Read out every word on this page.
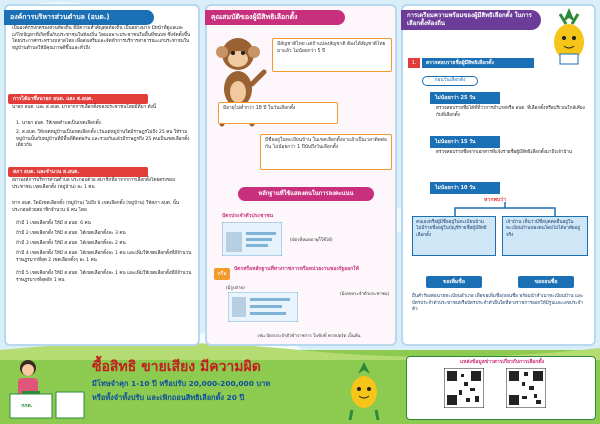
องค์การบริหารส่วนตำบล (อบต.)
เป็นองค์กรปกครองส่วนท้องถิ่น ที่มีความสำคัญต่อท้องถิ่น เป็นอย่างมาก มีหน้าที่ดูแลและแก้ไขปัญหาที่เกิดขึ้นกับประชาชนในท้องถิ่น โดยเฉพาะประชาชนในพื้นที่ชนบท ซึ่งจัดตั้งขึ้นโดยประกาศกระทรวงมหาดไทย เพื่อส่งเสริมและจัดทำการบริการสาธารณะแก่ประชาชนในหมู่บ้านตำบลให้มีคุณภาพดีขึ้นและทั่วถึง
การได้มาซึ่งนายก อบต. และ ส.อบต.
นายก อบต. และ ส.อบต. มาจากการเลือกตั้งของประชาชนโดยมีที่มา ดังนี้
1. นายก อบต. ให้เขตตำบลเป็นเขตเลือกตั้ง
2. ส.อบต. ให้เขตหมู่บ้านเป็นเขตเลือกตั้ง เว้นแต่หมู่บ้านใดมีราษฎรไม่ถึง 25 คน ให้รวมหมู่บ้านนั้นกับหมู่บ้านที่มีพื้นที่ติดต่อกัน และรวมกันแล้วมีราษฎรถึง 25 คนเป็นเขตเลือกตั้งเดียวกัน
สภา อบต. และจำนวน ส.อบต.
สภาองค์การบริหารส่วนตำบล ประกอบด้วย สมาชิกที่มาจากการเลือกตั้งโดยตรงของประชาชน เขตเลือกตั้ง (หมู่บ้าน) ละ 1 คน
หาก อบต. ใดมีเขตเลือกตั้ง (หมู่บ้าน) ไม่ถึง 6 เขตเลือกตั้ง (หมู่บ้าน) ให้สภา อบต. นั้น ประกอบด้วยสมาชิกจำนวน 6 คน โดย
ถ้ามี 1 เขตเลือกตั้ง ให้มี ส.อบต. 6 คน
ถ้ามี 2 เขตเลือกตั้ง ให้มี ส.อบต. ได้เขตเลือกตั้งละ 3 คน
ถ้ามี 3 เขตเลือกตั้ง ให้มี ส.อบต. ได้เขตเลือกตั้งละ 2 คน
ถ้ามี 4 เขตเลือกตั้ง ให้มี ส.อบต. ได้เขตเลือกตั้งละ 1 คน และเพิ่มให้เขตเลือกตั้งที่มีจำนวนราษฎรมากที่สุด 2 เขตเลือกตั้งๆ ละ 1 คน
ถ้ามี 5 เขตเลือกตั้ง ให้มี ส.อบต. ได้เขตเลือกตั้งละ 1 คน และเพิ่มให้เขตเลือกตั้งที่มีจำนวนราษฎรมากที่สุดอีก 1 คน
คุณสมบัติของผู้มีสิทธิเลือกตั้ง
มีสัญชาติไทย แต่ถ้าแปลงสัญชาติ ต้องได้สัญชาติไทยมาแล้ว ไม่น้อยกว่า 5 ปี
มีอายุไม่ต่ำกว่า 18 ปี ในวันเลือกตั้ง
มีชื่ออยู่ในทะเบียนบ้าน ในเขตเลือกตั้งมาแล้วเป็นเวลาติดต่อกัน ไม่น้อยกว่า 1 ปีนับถึงวันเลือกตั้ง
หลักฐานที่ใช้แสดงตนในการลงคะแนน
บัตรประจำตัวประชาชน
(บัตรที่หมดอายุก็ใช้ได้)
หรือ
บัตรหรือหลักฐานที่ทางราชการหรือหน่วยงานของรัฐออกให้
(มีรูปถ่าย)
(มีเลขประจำตัวประชาชน)
เช่น บัตรประจำตัวข้าราชการ ใบขับขี่ พาสปอร์ต เป็นต้น
การเตรียมความพร้อมของผู้มีสิทธิเลือกตั้ง ในการเลือกตั้งท้องถิ่น
1.	ตรวจสอบรายชื่อผู้มีสิทธิเลือกตั้ง
ก่อนวันเลือกตั้ง
ไม่น้อยกว่า 25 วัน
ตรวจสอบรายชื่อได้ที่ที่ว่าการอำเภอหรือ อบต. ที่เลือกตั้งหรือบริเวณใกล้เคียงกับที่เลือกตั้ง
ไม่น้อยกว่า 15 วัน
ตรวจสอบรายชื่อจากเอกสารที่แจ้งรายชื่อผู้มีสิทธิเลือกตั้งมาถึงเจ้าบ้าน
ไม่น้อยกว่า 10 วัน
หากพบว่า
คนเองหรือผู้มีชื่ออยู่ในทะเบียนบ้าน ไม่มีรายชื่ออยู่ในบัญชีรายชื่อผู้มีสิทธิเลือกตั้ง
เจ้าบ้าน เห็นว่ามีชื่อบุคคลอื่นอยู่ในทะเบียนบ้านของตนโดยไม่ได้อาศัยอยู่จริง
ขอเพิ่มชื่อ	ขอถอนชื่อ
ยื่นคำร้องต่อนายทะเบียนอำเภอ เพื่อขอเพิ่มชื่อ/ถอนชื่อ พร้อมนำสำเนาทะเบียนบ้าน และบัตรประจำตัวประชาชนหรือบัตรประจำตัวอื่นใดที่ทางราชการออกให้มีรูปและเลขประจำตัว
กกต.
ซื้อสิทธิ ขายเสียง มีความผิด
มีโทษจำคุก 1-10 ปี หรือปรับ 20,000-200,000 บาท
หรือทั้งจำทั้งปรับ และเพิกถอนสิทธิเลือกตั้ง 20 ปี
แหล่งข้อมูลข่าวสารเกี่ยวกับการเลือกตั้ง
